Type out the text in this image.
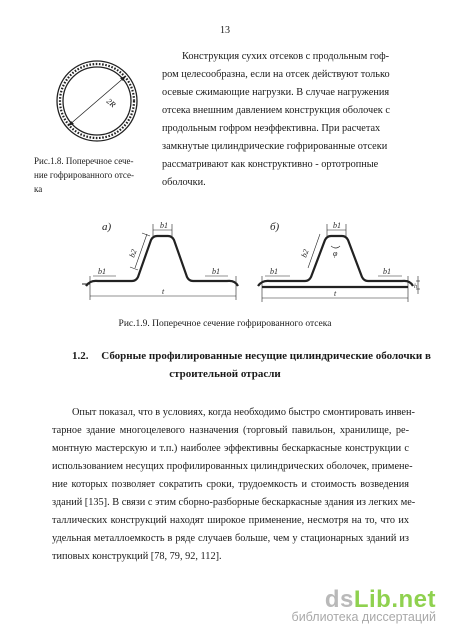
13
2R
Рис.1.8. Поперечное сече-
ние гофрированного отсе-
ка
Конструкция сухих отсеков с продольным гоф-
ром целесообразна, если на отсек действуют только
осевые сжимающие нагрузки. В случае нагружения
отсека внешним давлением конструкция оболочек с
продольным гофром неэффективна. При расчетах
замкнутые цилиндрические гофрированные отсеки
рассматривают как конструктивно - ортотропные
оболочки.
а)	б)
b1
b1	b1
b2
t
b1
b1	b1
b2	φ
t
h
Рис.1.9. Поперечное сечение гофрированного отсека
1.2. Сборные профилированные несущие цилиндрические оболочки в
строительной отрасли
Опыт показал, что в условиях, когда необходимо быстро смонтировать инвен-
тарное здание многоцелевого назначения (торговый павильон, хранилище, ре-
монтную мастерскую и т.п.) наиболее эффективны бескаркасные конструкции с
использованием несущих профилированных цилиндрических оболочек, примене-
ние которых позволяет сократить сроки, трудоемкость и стоимость возведения
зданий [135]. В связи с этим сборно-разборные бескаркасные здания из легких ме-
таллических конструкций находят широкое применение, несмотря на то, что их
удельная металлоемкость в ряде случаев больше, чем у стационарных зданий из
типовых конструкций [78, 79, 92, 112].
dsLib.net
библиотека диссертаций
